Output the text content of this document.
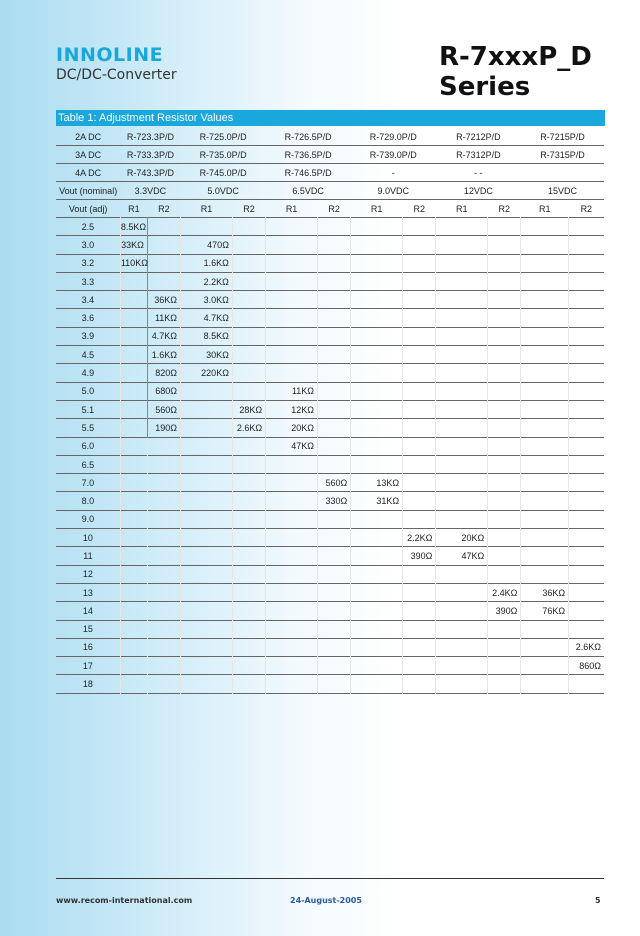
INNOLINE
DC/DC-Converter
R-7xxxP_D
Series
Table 1: Adjustment Resistor Values
2A DC	R-723.3P/D		R-725.0P/D		R-726.5P/D		R-729.0P/D		R-7212P/D		R-7215P/D	
3A DC	R-733.3P/D		R-735.0P/D		R-736.5P/D		R-739.0P/D		R-7312P/D		R-7315P/D	
4A DC	R-743.3P/D		R-745.0P/D		R-746.5P/D		-		- -			
Vout (nominal)	3.3VDC		5.0VDC		6.5VDC		9.0VDC		12VDC		15VDC	
Vout (adj)	R1	R2	R1	R2	R1	R2	R1	R2	R1	R2	R1	R2
2.5	8.5KΩ											
3.0	33KΩ		470Ω									
3.2	110KΩ		1.6KΩ									
3.3			2.2KΩ									
3.4		36KΩ	3.0KΩ									
3.6		11KΩ	4.7KΩ									
3.9		4.7KΩ	8.5KΩ									
4.5		1.6KΩ	30KΩ									
4.9		820Ω	220KΩ									
5.0		680Ω			11KΩ							
5.1		560Ω		28KΩ	12KΩ							
5.5		190Ω		2.6KΩ	20KΩ							
6.0					47KΩ							
6.5												
7.0						560Ω	13KΩ					
8.0						330Ω	31KΩ					
9.0												
10								2.2KΩ	20KΩ			
11								390Ω	47KΩ			
12												
13										2.4KΩ	36KΩ	
14										390Ω	76KΩ	
15												
16												2.6KΩ
17												860Ω
18												
www.recom-international.com	24-August-2005	5
